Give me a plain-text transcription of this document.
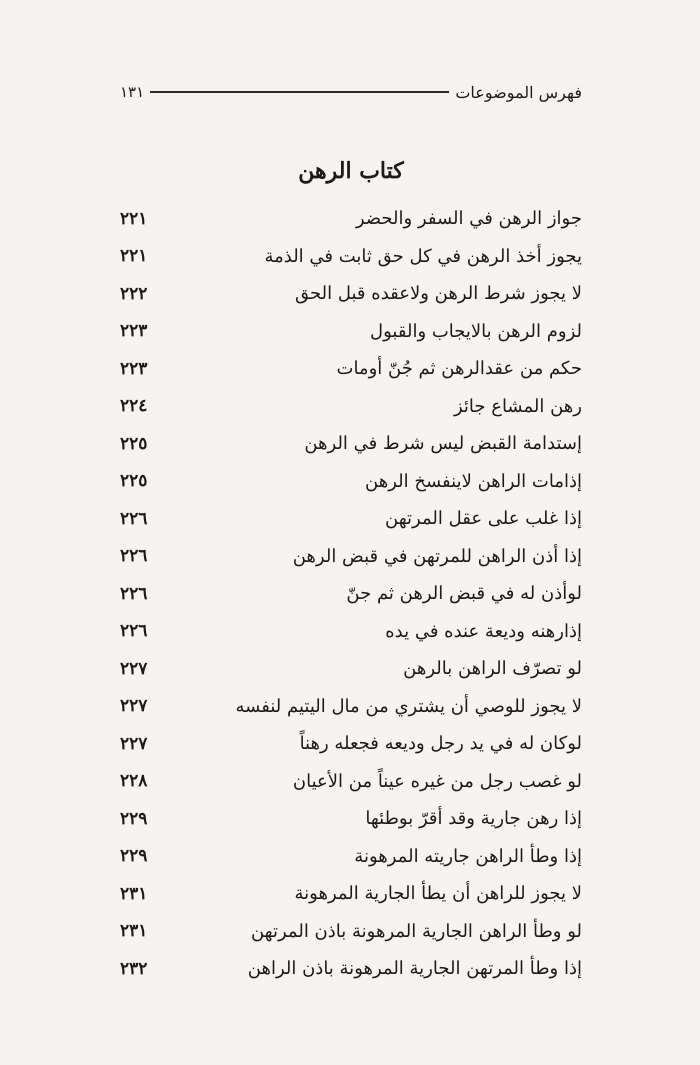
فهرس الموضوعات
١٣١
كتاب الرهن
جواز الرهن في السفر والحضر
٢٢١
يجوز أخذ الرهن في كل حق ثابت في الذمة
٢٢١
لا يجوز شرط الرهن ولاعقده قبل الحق
٢٢٢
لزوم الرهن بالايجاب والقبول
٢٢٣
حكم من عقدالرهن ثم جُنّ أومات
٢٢٣
رهن المشاع جائز
٢٢٤
إستدامة القبض ليس شرط في الرهن
٢٢٥
إذامات الراهن لاينفسخ الرهن
٢٢٥
إذا غلب على عقل المرتهن
٢٢٦
إذا أذن الراهن للمرتهن في قبض الرهن
٢٢٦
لوأذن له في قبض الرهن ثم جنّ
٢٢٦
إذارهنه وديعة عنده في يده
٢٢٦
لو تصرّف الراهن بالرهن
٢٢٧
لا يجوز للوصي أن يشتري من مال اليتيم لنفسه
٢٢٧
لوكان له في يد رجل وديعه فجعله رهناً
٢٢٧
لو غصب رجل من غيره عيناً من الأعيان
٢٢٨
إذا رهن جارية وقد أقرّ بوطئها
٢٢٩
إذا وطأ الراهن جاريته المرهونة
٢٢٩
لا يجوز للراهن أن يطأ الجارية المرهونة
٢٣١
لو وطأ الراهن الجارية المرهونة باذن المرتهن
٢٣١
إذا وطأ المرتهن الجارية المرهونة باذن الراهن
٢٣٢
